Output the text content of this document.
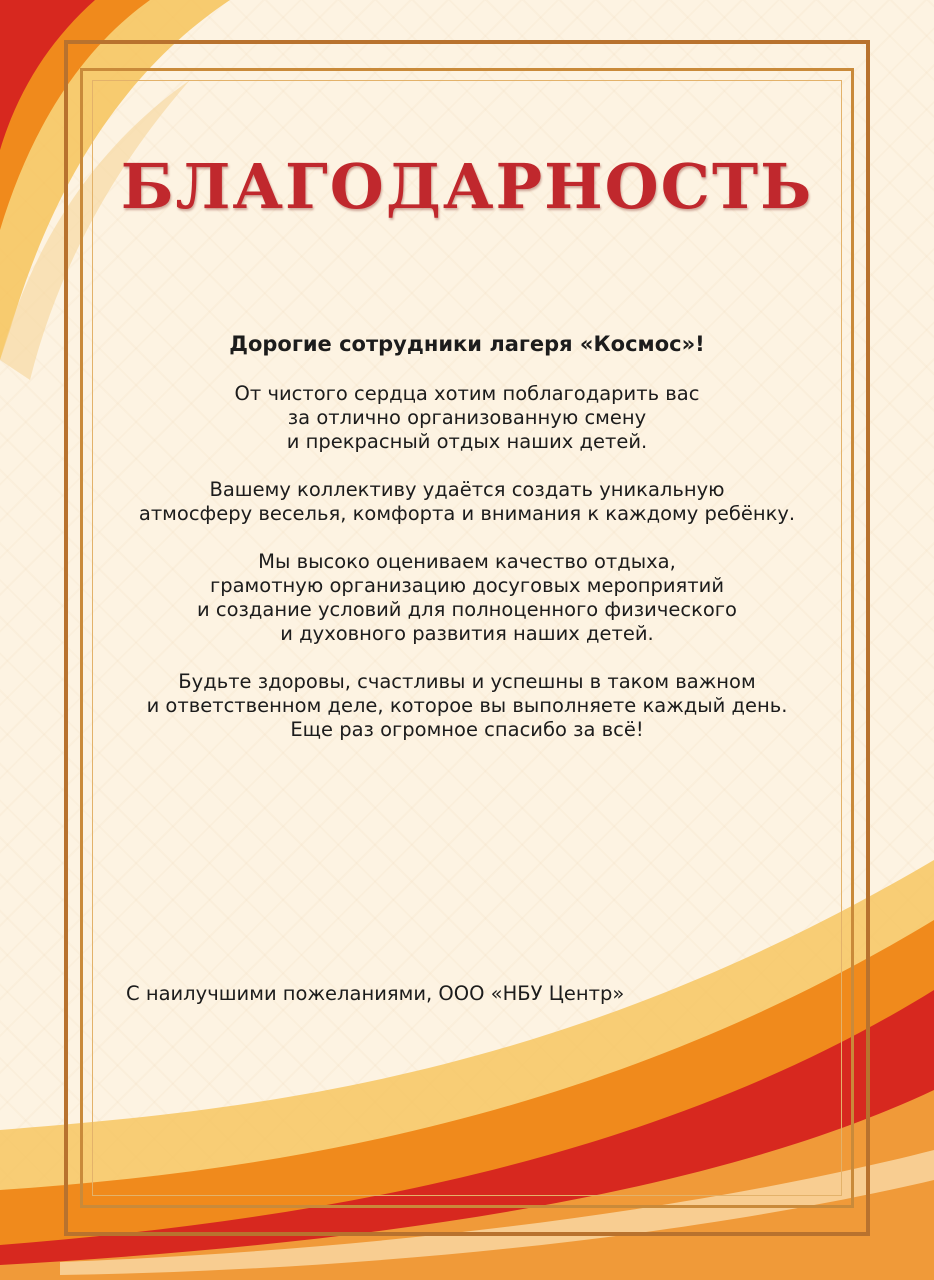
БЛАГОДАРНОСТЬ

Дорогие сотрудники лагеря «Космос»!

От чистого сердца хотим поблагодарить вас
за отлично организованную смену
и прекрасный отдых наших детей.

Вашему коллективу удаётся создать уникальную
атмосферу веселья, комфорта и внимания к каждому ребёнку.

Мы высоко оцениваем качество отдыха,
грамотную организацию досуговых мероприятий
и создание условий для полноценного физического
и духовного развития наших детей.

Будьте здоровы, счастливы и успешны в таком важном
и ответственном деле, которое вы выполняете каждый день.
Еще раз огромное спасибо за всё!

С наилучшими пожеланиями, ООО «НБУ Центр»
